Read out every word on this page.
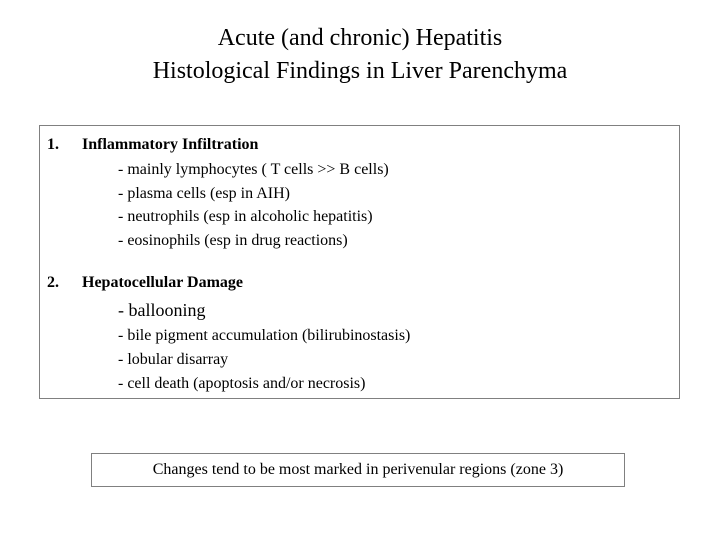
Acute (and chronic) Hepatitis
Histological Findings in Liver Parenchyma
1. Inflammatory Infiltration
- mainly lymphocytes ( T cells >> B cells)
- plasma cells (esp in AIH)
- neutrophils (esp in alcoholic hepatitis)
- eosinophils (esp in drug reactions)
2. Hepatocellular Damage
- ballooning
- bile pigment accumulation (bilirubinostasis)
- lobular disarray
- cell death (apoptosis and/or necrosis)
Changes tend to be most marked in perivenular regions (zone 3)
